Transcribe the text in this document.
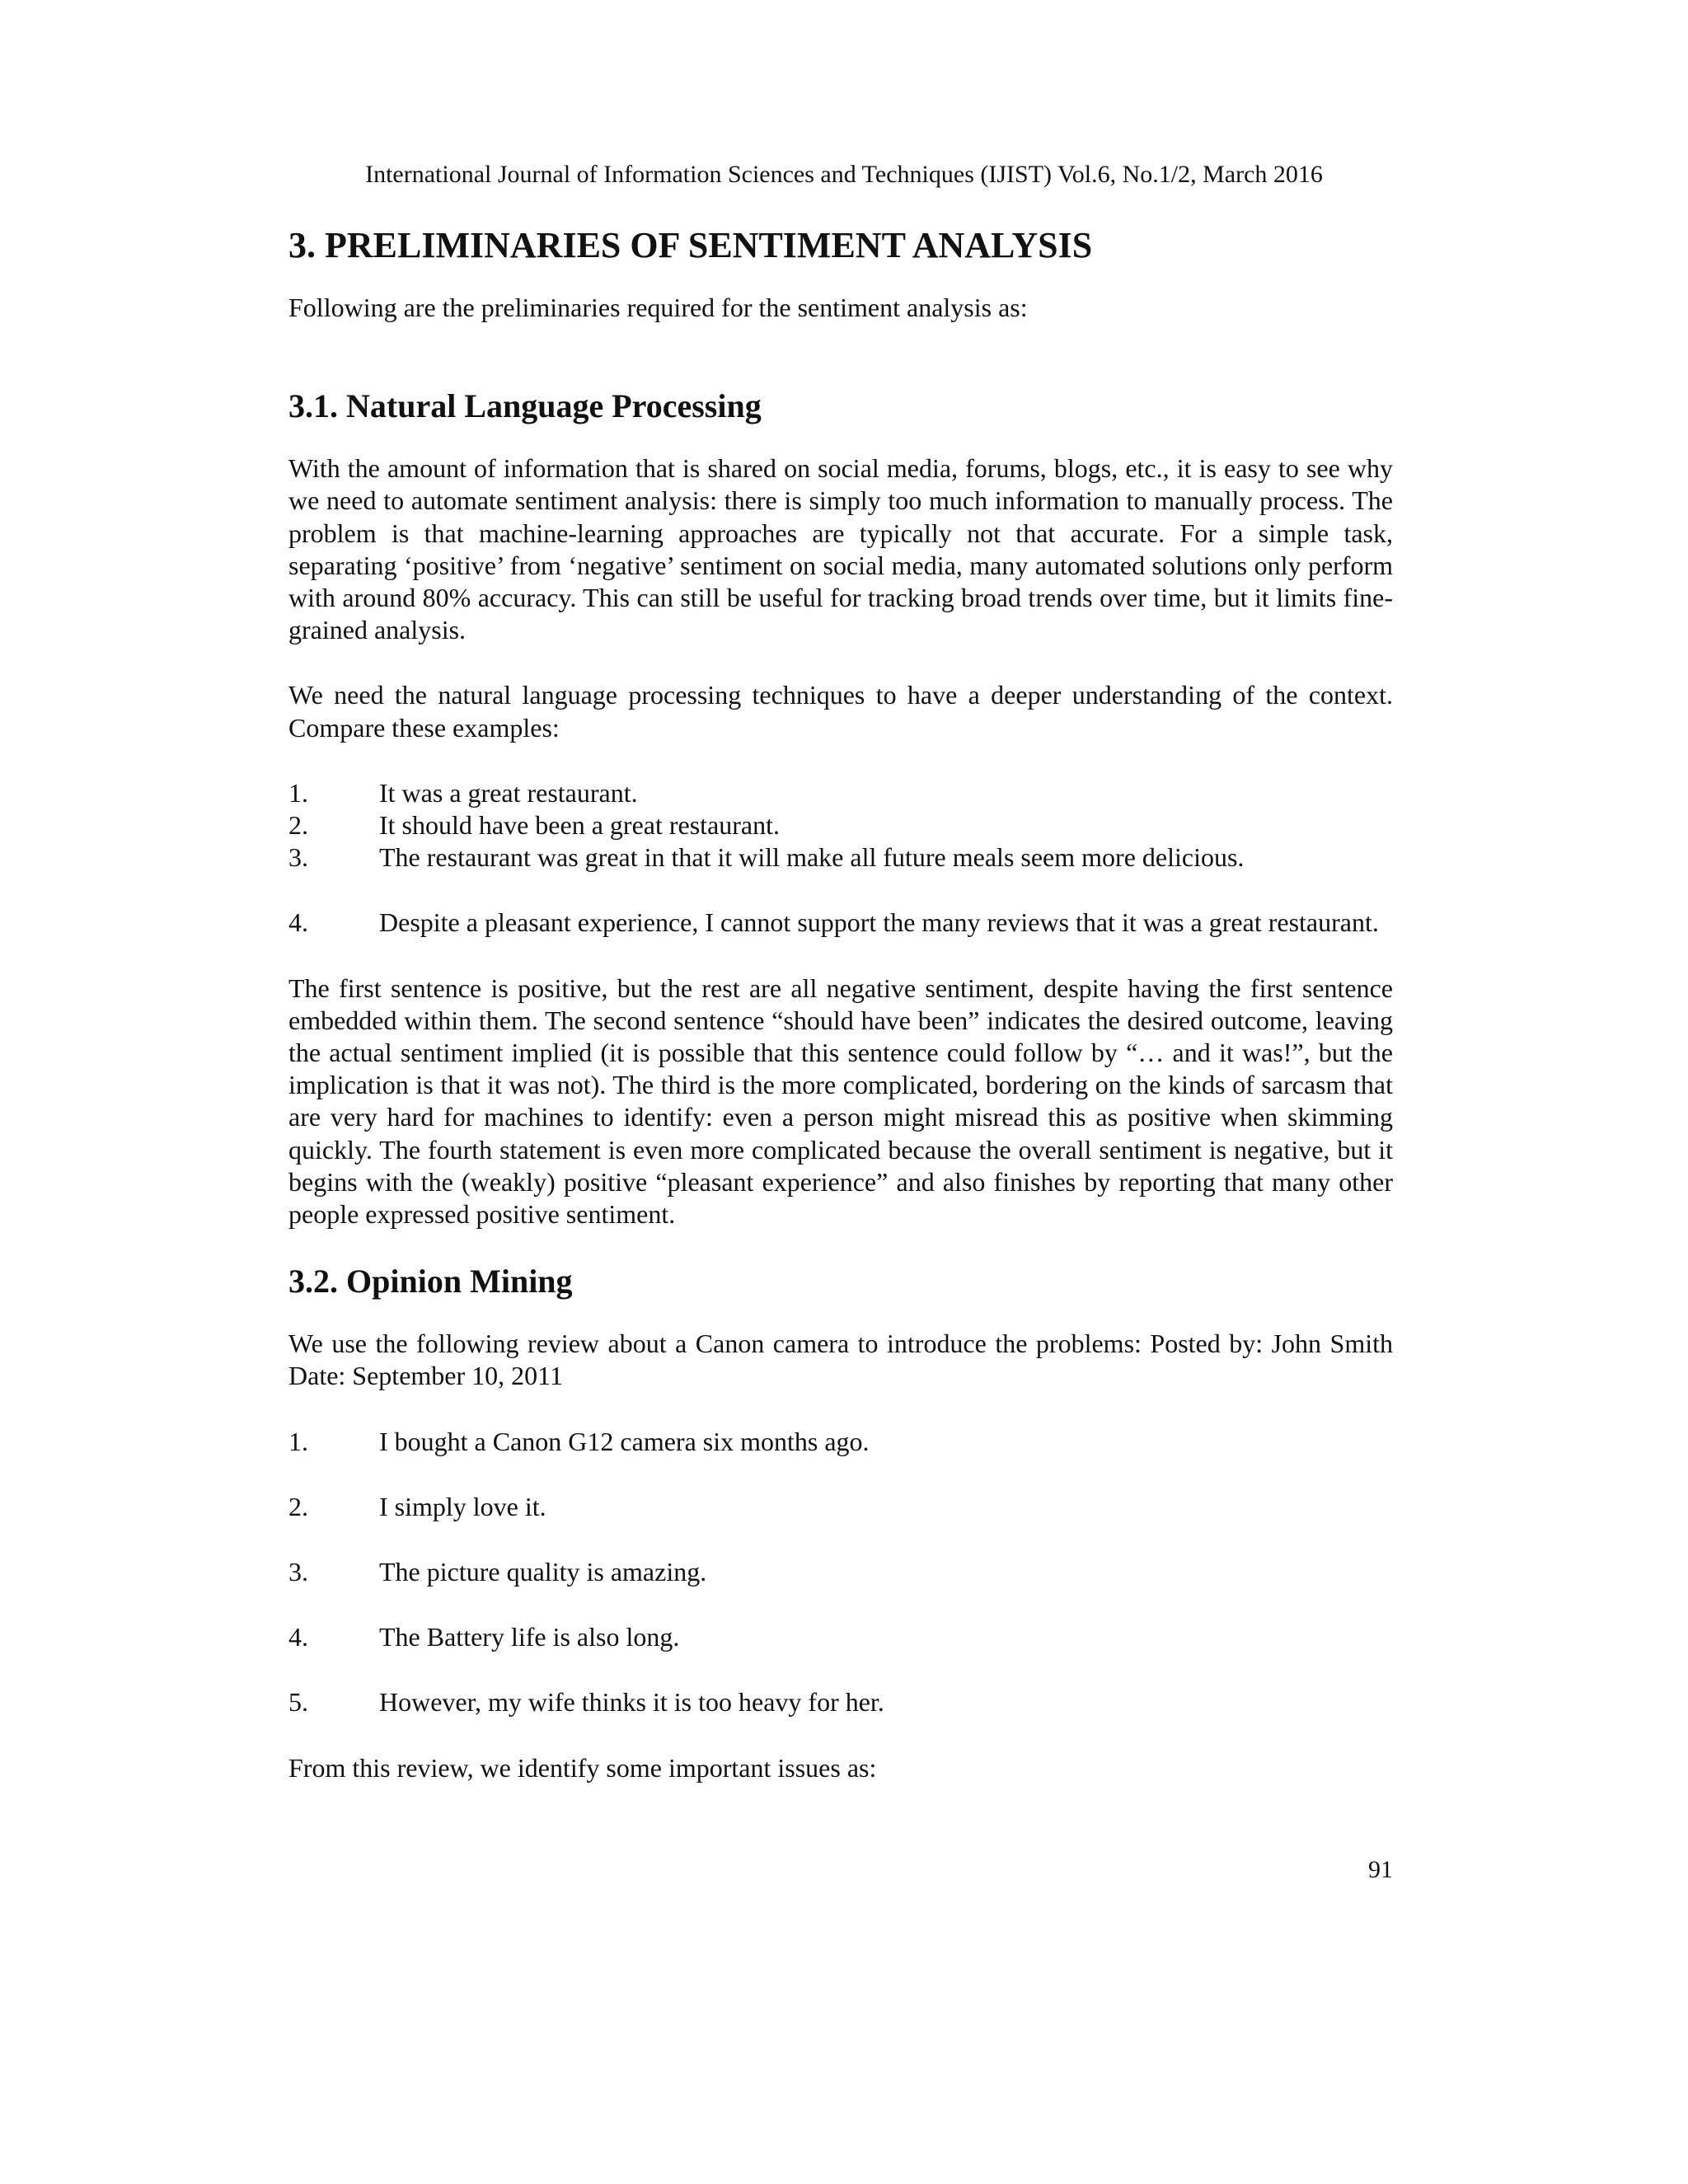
International Journal of Information Sciences and Techniques (IJIST) Vol.6, No.1/2, March 2016
3. PRELIMINARIES OF SENTIMENT ANALYSIS

Following are the preliminaries required for the sentiment analysis as:

3.1. Natural Language Processing

With the amount of information that is shared on social media, forums, blogs, etc., it is easy to see why we need to automate sentiment analysis: there is simply too much information to manually process. The problem is that machine-learning approaches are typically not that accurate. For a simple task, separating ‘positive’ from ‘negative’ sentiment on social media, many automated solutions only perform with around 80% accuracy. This can still be useful for tracking broad trends over time, but it limits fine-grained analysis.

We need the natural language processing techniques to have a deeper understanding of the context. Compare these examples:

1.	It was a great restaurant.
2.	It should have been a great restaurant.
3.	The restaurant was great in that it will make all future meals seem more delicious.
4.	Despite a pleasant experience, I cannot support the many reviews that it was a great restaurant.

The first sentence is positive, but the rest are all negative sentiment, despite having the first sentence embedded within them. The second sentence “should have been” indicates the desired outcome, leaving the actual sentiment implied (it is possible that this sentence could follow by “… and it was!”, but the implication is that it was not). The third is the more complicated, bordering on the kinds of sarcasm that are very hard for machines to identify: even a person might misread this as positive when skimming quickly. The fourth statement is even more complicated because the overall sentiment is negative, but it begins with the (weakly) positive “pleasant experience” and also finishes by reporting that many other people expressed positive sentiment.

3.2. Opinion Mining

We use the following review about a Canon camera to introduce the problems: Posted by: John Smith Date: September 10, 2011

1.	I bought a Canon G12 camera six months ago.
2.	I simply love it.
3.	The picture quality is amazing.
4.	The Battery life is also long.
5.	However, my wife thinks it is too heavy for her.

From this review, we identify some important issues as:

91
